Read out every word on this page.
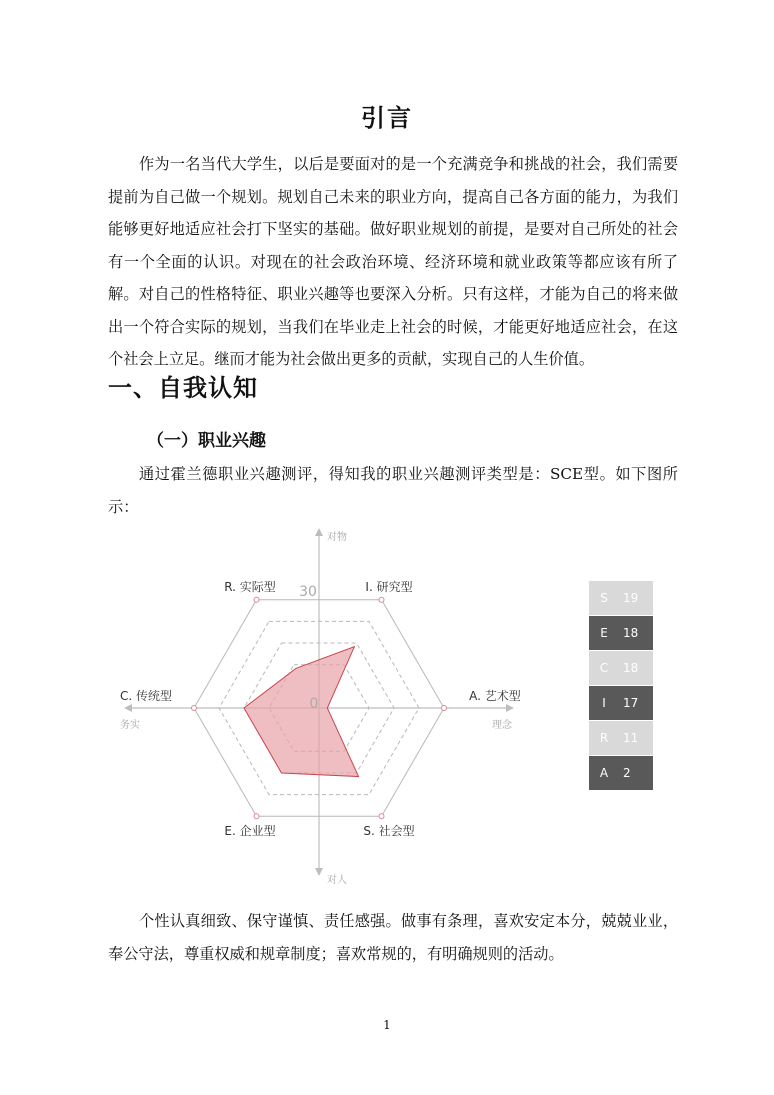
引言

作为一名当代大学生，以后是要面对的是一个充满竞争和挑战的社会，我们需要提前为自己做一个规划。规划自己未来的职业方向，提高自己各方面的能力，为我们能够更好地适应社会打下坚实的基础。做好职业规划的前提，是要对自己所处的社会有一个全面的认识。对现在的社会政治环境、经济环境和就业政策等都应该有所了解。对自己的性格特征、职业兴趣等也要深入分析。只有这样，才能为自己的将来做出一个符合实际的规划，当我们在毕业走上社会的时候，才能更好地适应社会，在这个社会上立足。继而才能为社会做出更多的贡献，实现自己的人生价值。

一、自我认知
（一）职业兴趣

通过霍兰德职业兴趣测评，得知我的职业兴趣测评类型是：SCE型。如下图所示：

R. 实际型	I. 研究型
A. 艺术型
S. 社会型
E. 企业型
C. 传统型
对物
对人
务实	理念
30
0
S	19
E	18
C	18
I	17
R	11
A	2

个性认真细致、保守谨慎、责任感强。做事有条理，喜欢安定本分，兢兢业业，奉公守法，尊重权威和规章制度；喜欢常规的，有明确规则的活动。

1
